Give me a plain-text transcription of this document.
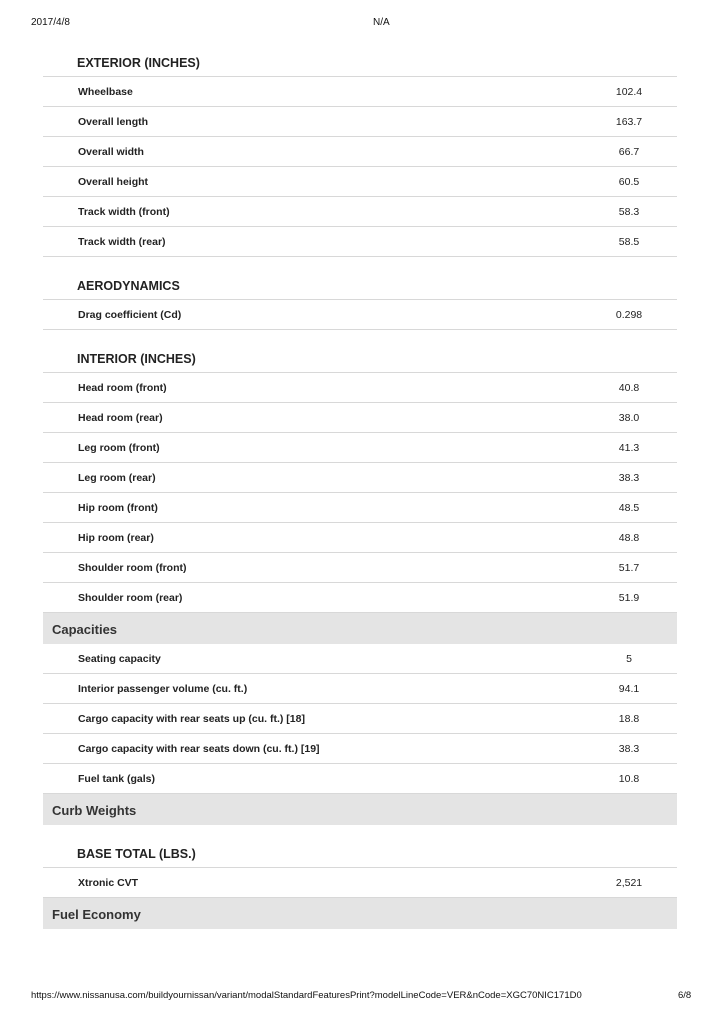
2017/4/8	N/A
EXTERIOR (INCHES)
Wheelbase	102.4
Overall length	163.7
Overall width	66.7
Overall height	60.5
Track width (front)	58.3
Track width (rear)	58.5
AERODYNAMICS
Drag coefficient (Cd)	0.298
INTERIOR (INCHES)
Head room (front)	40.8
Head room (rear)	38.0
Leg room (front)	41.3
Leg room (rear)	38.3
Hip room (front)	48.5
Hip room (rear)	48.8
Shoulder room (front)	51.7
Shoulder room (rear)	51.9
Capacities
Seating capacity	5
Interior passenger volume (cu. ft.)	94.1
Cargo capacity with rear seats up (cu. ft.) [18]	18.8
Cargo capacity with rear seats down (cu. ft.) [19]	38.3
Fuel tank (gals)	10.8
Curb Weights
BASE TOTAL (LBS.)
Xtronic CVT	2,521
Fuel Economy
https://www.nissanusa.com/buildyournissan/variant/modalStandardFeaturesPrint?modelLineCode=VER&nCode=XGC70NIC171D0	6/8
